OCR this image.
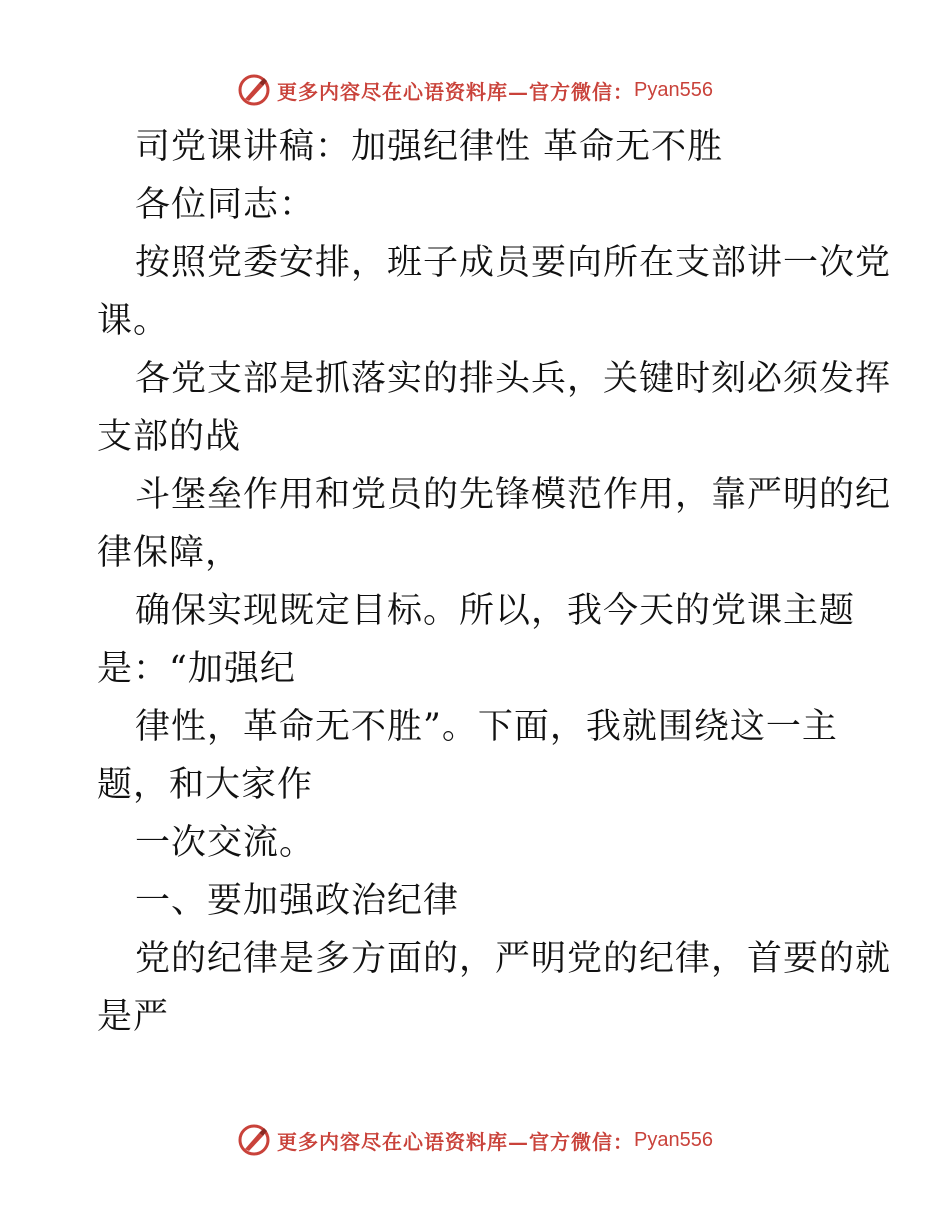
更多内容尽在心语资料库—官方微信： Pyan556
司党课讲稿：加强纪律性 革命无不胜
各位同志：
按照党委安排，班子成员要向所在支部讲一次党
课。
各党支部是抓落实的排头兵，关键时刻必须发挥
支部的战
斗堡垒作用和党员的先锋模范作用，靠严明的纪
律保障，
确保实现既定目标。所以，我今天的党课主题
是：“加强纪
律性，革命无不胜”。下面，我就围绕这一主
题，和大家作
一次交流。
一、要加强政治纪律
党的纪律是多方面的，严明党的纪律，首要的就
是严
更多内容尽在心语资料库—官方微信： Pyan556
